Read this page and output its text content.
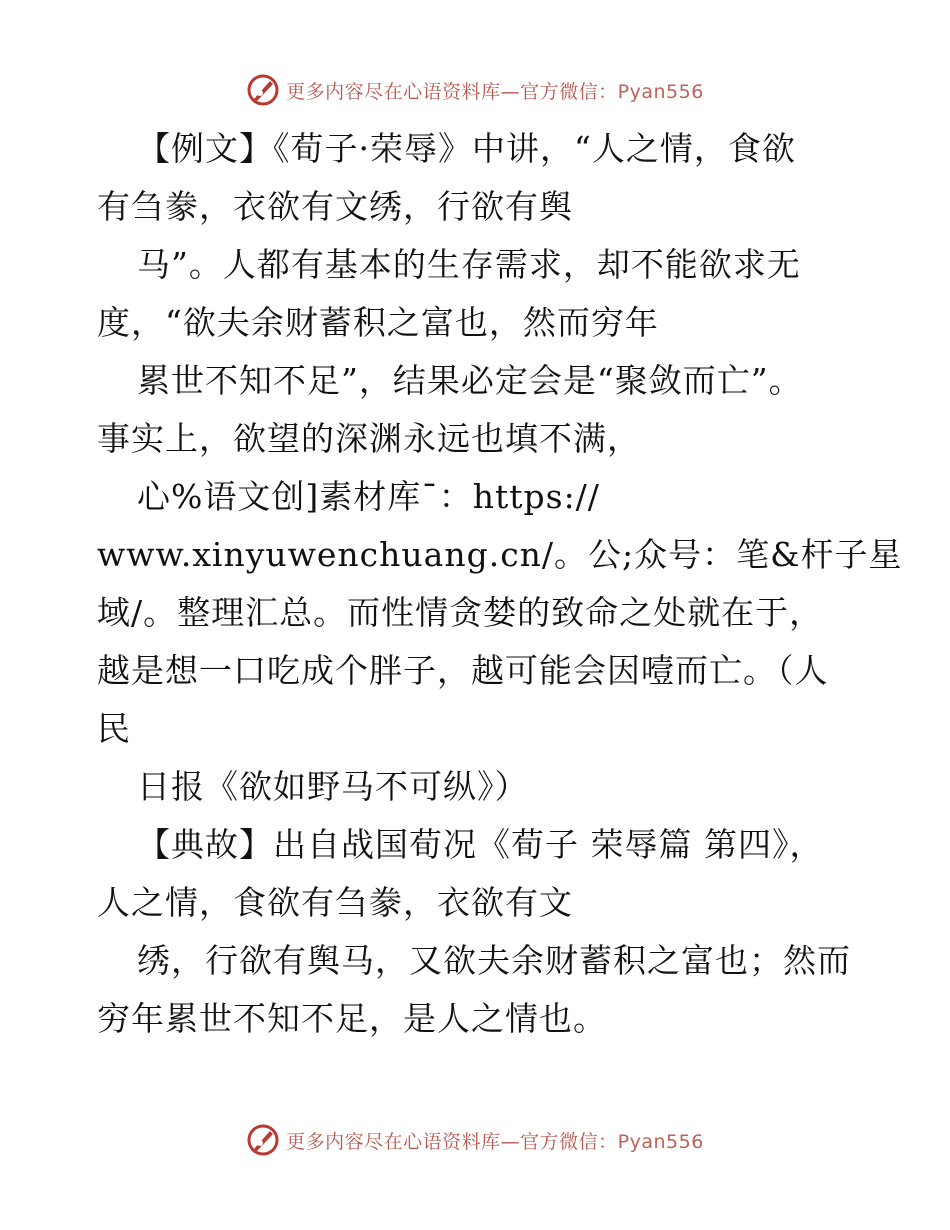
更多内容尽在心语资料库—官方微信：Pyan556
【例文】《荀子·荣辱》中讲，“人之情，食欲
有刍豢，衣欲有文绣，行欲有舆
马”。人都有基本的生存需求，却不能欲求无
度，“欲夫余财蓄积之富也，然而穷年
累世不知不足”，结果必定会是“聚敛而亡”。
事实上，欲望的深渊永远也填不满，
心%语文创]素材库¯：https://
www.xinyuwenchuang.cn/。公;众号：笔&杆子星
域/。整理汇总。而性情贪婪的致命之处就在于，
越是想一口吃成个胖子，越可能会因噎而亡。（人
民
日报《欲如野马不可纵》）
【典故】出自战国荀况《荀子 荣辱篇 第四》，
人之情，食欲有刍豢，衣欲有文
绣，行欲有舆马，又欲夫余财蓄积之富也；然而
穷年累世不知不足，是人之情也。
更多内容尽在心语资料库—官方微信：Pyan556
